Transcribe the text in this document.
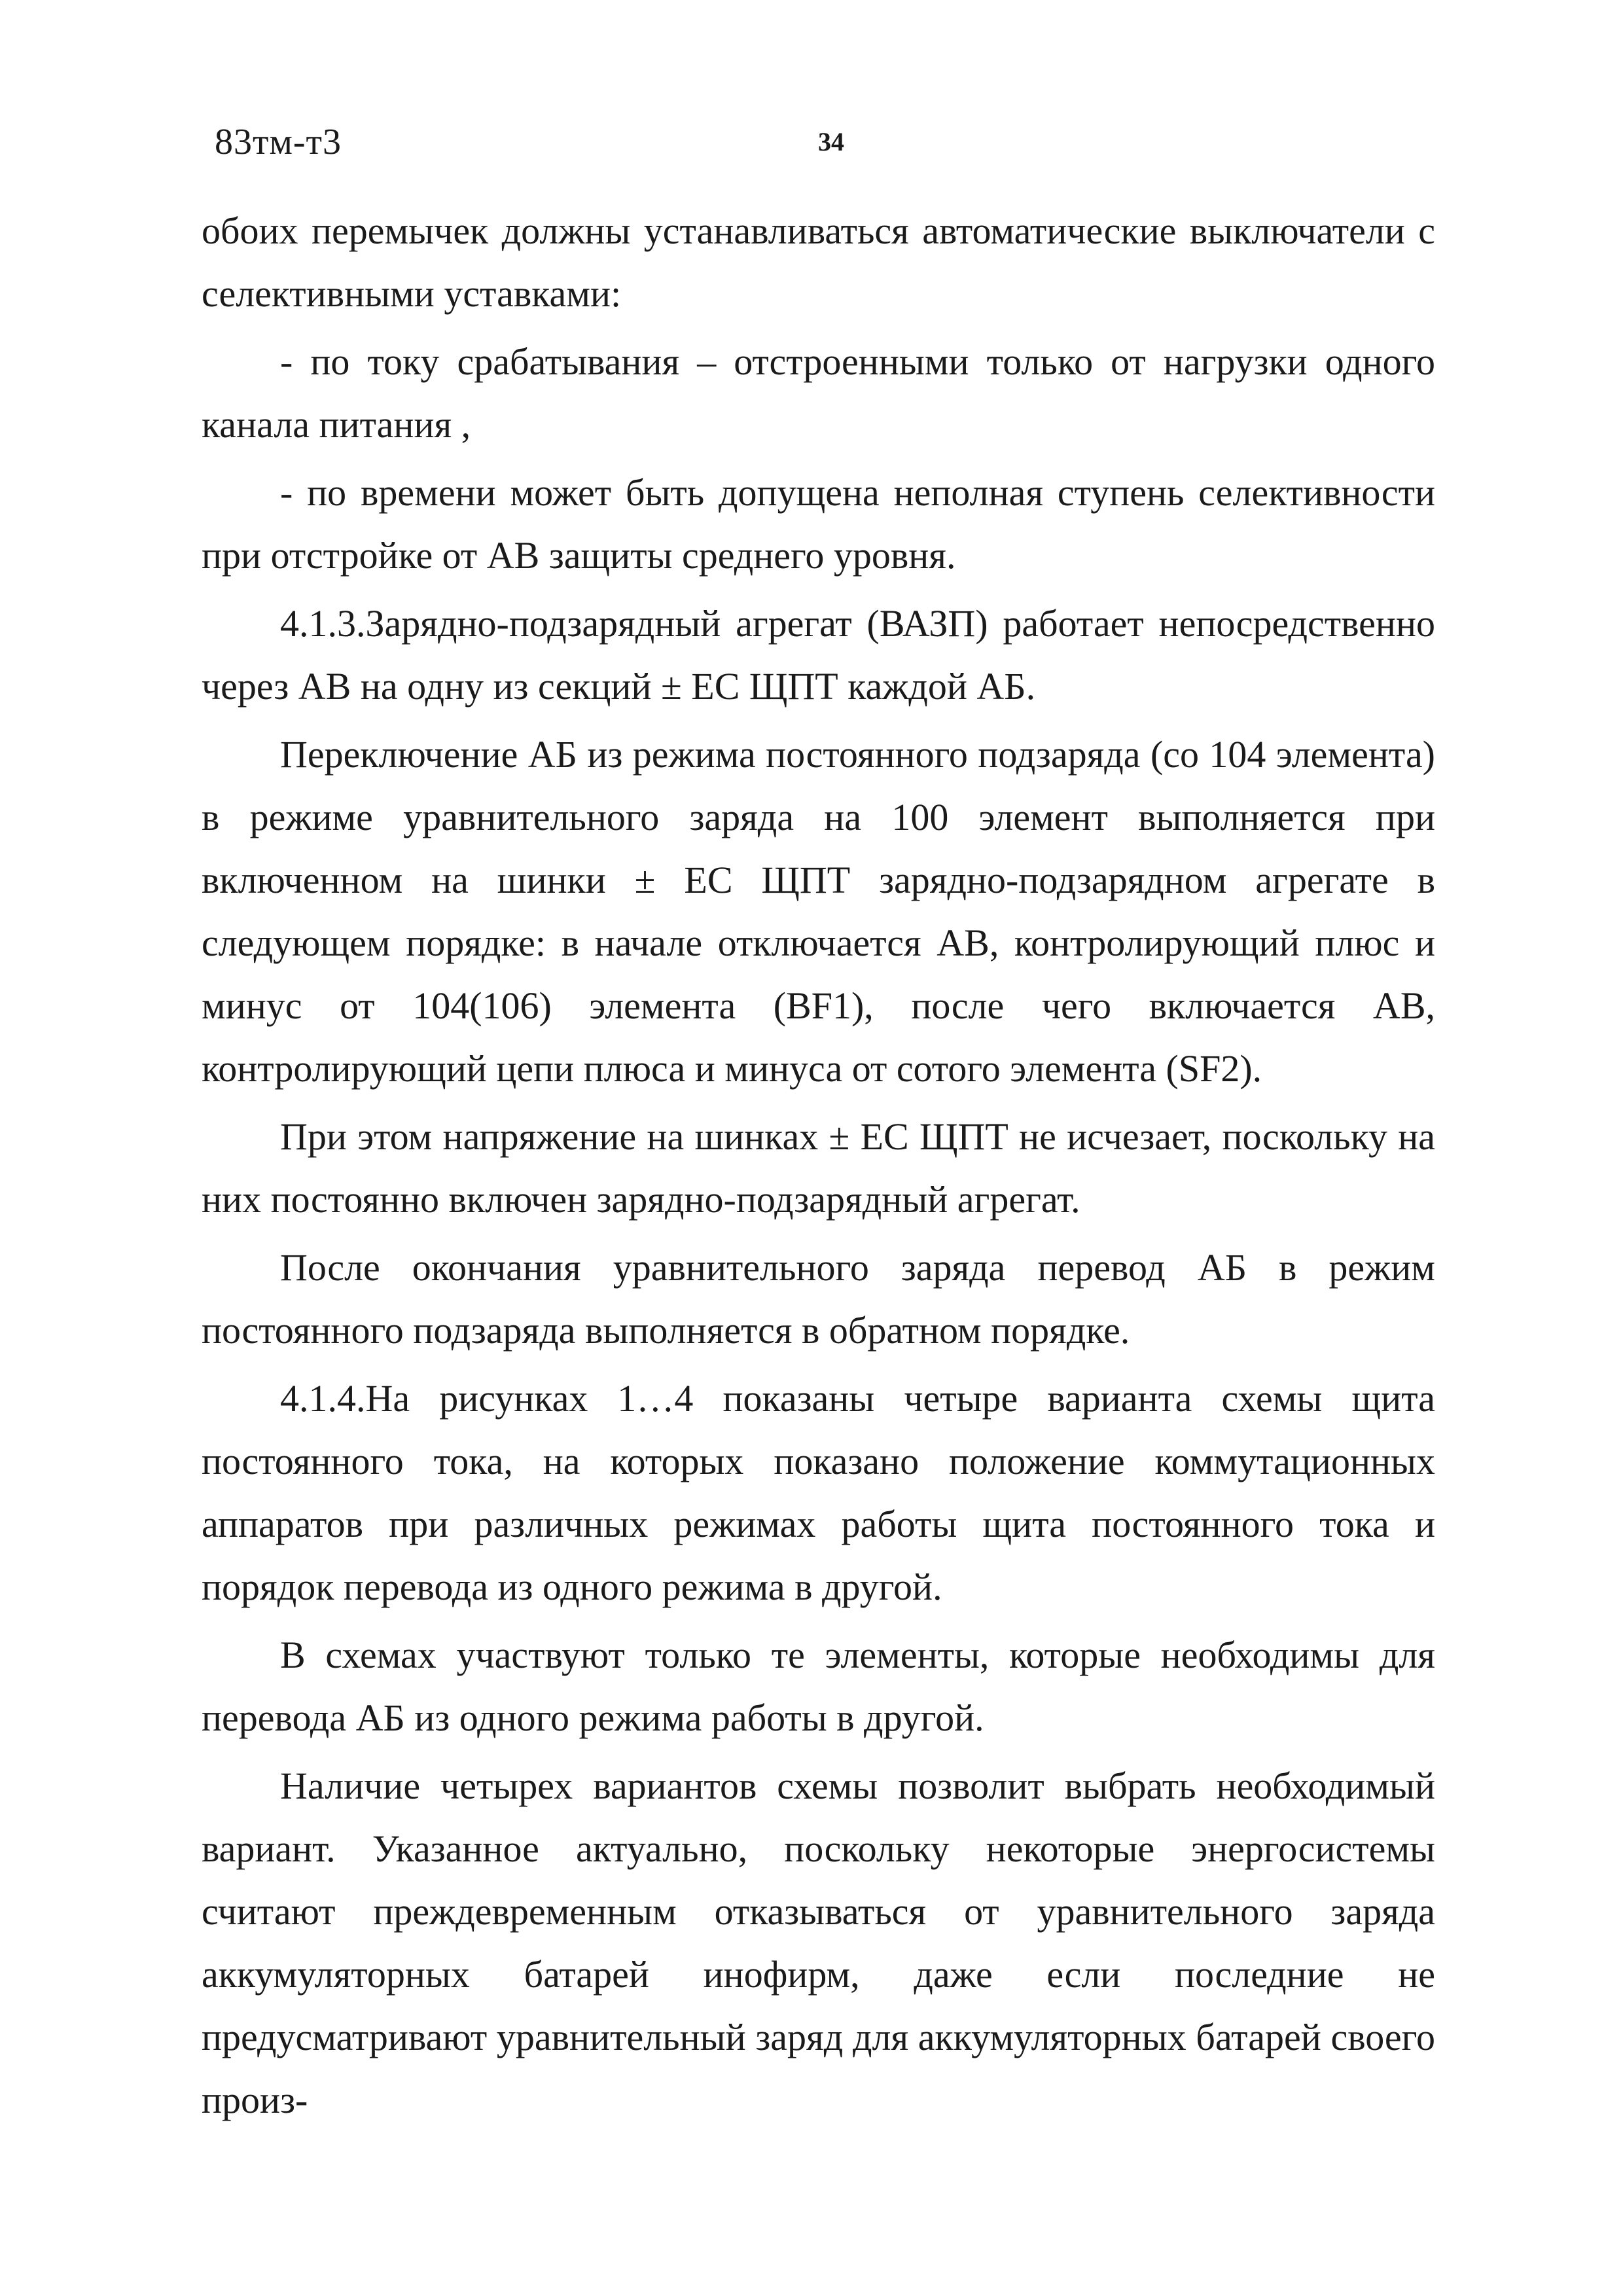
83тм-т3	34

обоих перемычек должны устанавливаться автоматические выключатели с селективными уставками:

- по току срабатывания – отстроенными только от нагрузки одного канала питания ,

- по времени может быть допущена неполная ступень селективности при отстройке от АВ защиты среднего уровня.

4.1.3.Зарядно-подзарядный агрегат (ВАЗП) работает непосредственно через АВ на одну из секций ± ЕС ЩПТ каждой АБ.

Переключение АБ из режима постоянного подзаряда (со 104 элемента) в режиме уравнительного заряда на 100 элемент выполняется при включенном на шинки ± ЕС ЩПТ зарядно-подзарядном агрегате в следующем порядке: в начале отключается АВ, контролирующий плюс и минус от 104(106) элемента (BF1), после чего включается АВ, контролирующий цепи плюса и минуса от сотого элемента (SF2).

При этом напряжение на шинках ± ЕС ЩПТ не исчезает, поскольку на них постоянно включен зарядно-подзарядный агрегат.

После окончания уравнительного заряда перевод АБ в режим постоянного подзаряда выполняется в обратном порядке.

4.1.4.На рисунках 1…4 показаны четыре варианта схемы щита постоянного тока, на которых показано положение коммутационных аппаратов при различных режимах работы щита постоянного тока и порядок перевода из одного режима в другой.

В схемах участвуют только те элементы, которые необходимы для перевода АБ из одного режима работы в другой.

Наличие четырех вариантов схемы позволит выбрать необходимый вариант. Указанное актуально, поскольку некоторые энергосистемы считают преждевременным отказываться от уравнительного заряда аккумуляторных батарей инофирм, даже если последние не предусматривают уравнительный заряд для аккумуляторных батарей своего произ-
